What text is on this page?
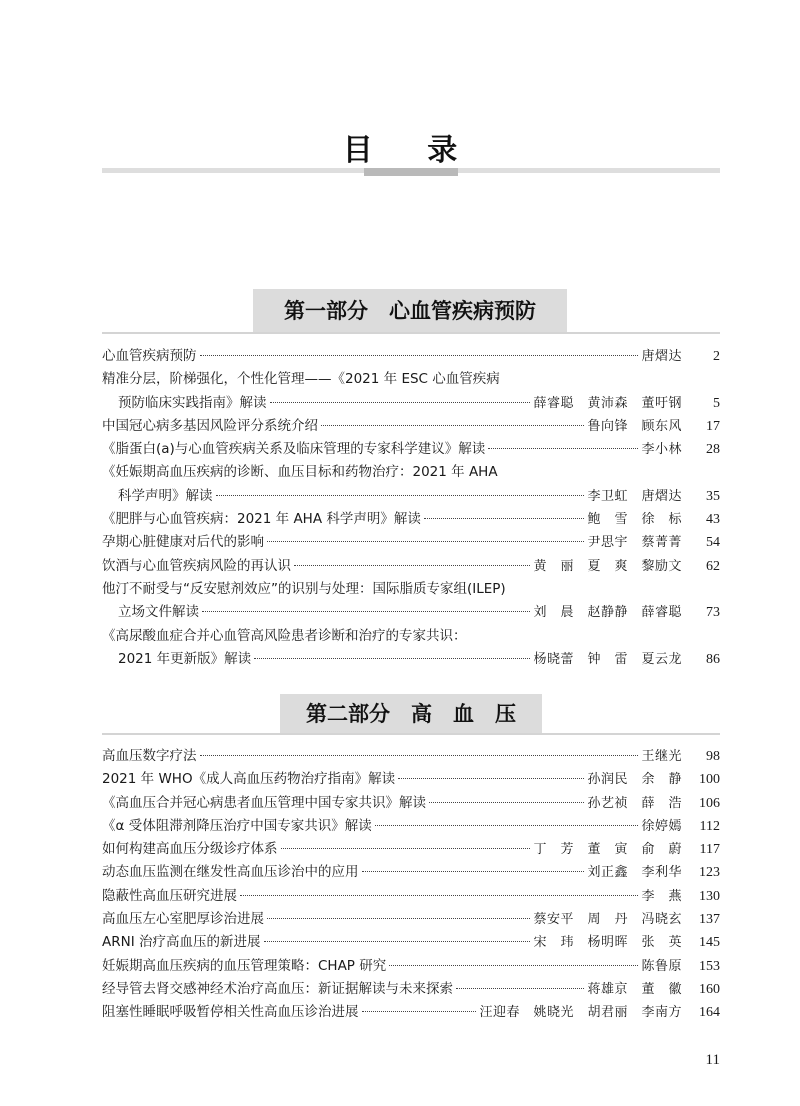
目 录
第一部分　心血管疾病预防
心血管疾病预防	唐熠达	2
精准分层，阶梯强化，个性化管理——《2021 年 ESC 心血管疾病
预防临床实践指南》解读	薛睿聪　黄沛森　董吁钢	5
中国冠心病多基因风险评分系统介绍	鲁向锋　顾东风	17
《脂蛋白(a)与心血管疾病关系及临床管理的专家科学建议》解读	李小林	28
《妊娠期高血压疾病的诊断、血压目标和药物治疗：2021 年 AHA
科学声明》解读	李卫虹　唐熠达	35
《肥胖与心血管疾病：2021 年 AHA 科学声明》解读	鲍　雪　徐　标	43
孕期心脏健康对后代的影响	尹思宇　蔡菁菁	54
饮酒与心血管疾病风险的再认识	黄　丽　夏　爽　黎励文	62
他汀不耐受与“反安慰剂效应”的识别与处理：国际脂质专家组(ILEP)
立场文件解读	刘　晨　赵静静　薛睿聪	73
《高尿酸血症合并心血管高风险患者诊断和治疗的专家共识：
2021 年更新版》解读	杨晓蕾　钟　雷　夏云龙	86
第二部分　高　血　压
高血压数字疗法	王继光	98
2021 年 WHO《成人高血压药物治疗指南》解读	孙润民　余　静	100
《高血压合并冠心病患者血压管理中国专家共识》解读	孙艺祯　薛　浩	106
《α 受体阻滞剂降压治疗中国专家共识》解读	徐婷嫣	112
如何构建高血压分级诊疗体系	丁　芳　董　寅　俞　蔚	117
动态血压监测在继发性高血压诊治中的应用	刘正鑫　李利华	123
隐蔽性高血压研究进展	李　燕	130
高血压左心室肥厚诊治进展	蔡安平　周　丹　冯晓玄	137
ARNI 治疗高血压的新进展	宋　玮　杨明晖　张　英	145
妊娠期高血压疾病的血压管理策略：CHAP 研究	陈鲁原	153
经导管去肾交感神经术治疗高血压：新证据解读与未来探索	蒋雄京　董　徽	160
阻塞性睡眠呼吸暂停相关性高血压诊治进展	汪迎春　姚晓光　胡君丽　李南方	164
11
